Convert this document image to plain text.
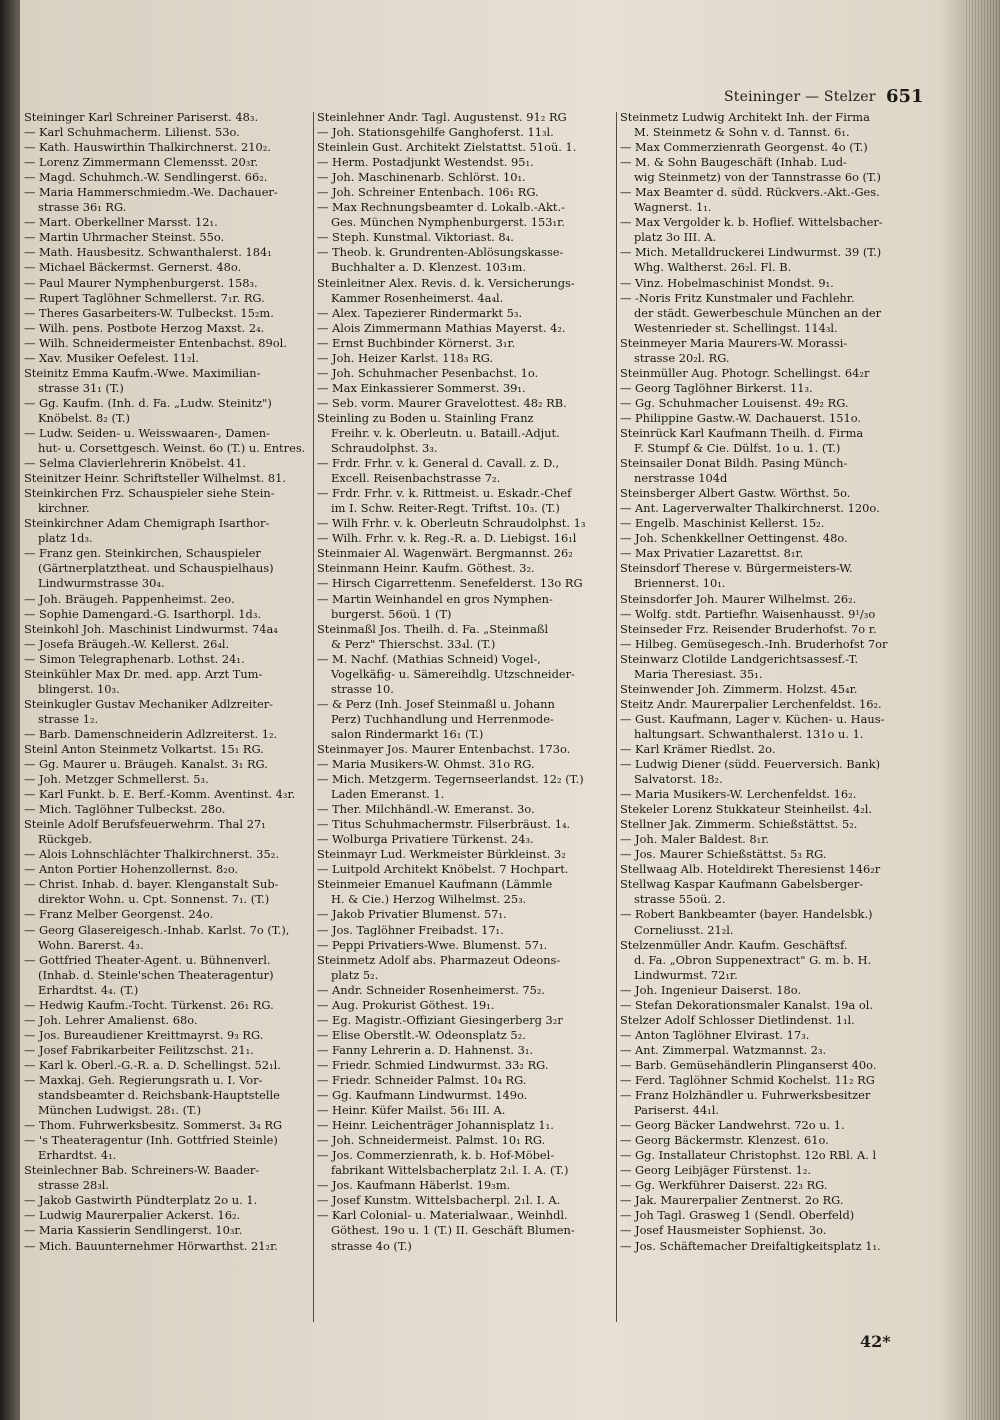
Steininger — Stelzer 651
Steininger Karl Schreiner Pariserst. 48₃.
— Karl Schuhmacherm. Lilienst. 53o.
— Kath. Hauswirthin Thalkirchnerst. 210₂.
— Lorenz Zimmermann Clemensst. 20₃r.
— Magd. Schuhmch.-W. Sendlingerst. 66₂.
— Maria Hammerschmiedm.-We. Dachauer-
strasse 36₁ RG.
— Mart. Oberkellner Marsst. 12₁.
— Martin Uhrmacher Steinst. 55o.
— Math. Hausbesitz. Schwanthalerst. 184₁
— Michael Bäckermst. Gernerst. 48o.
— Paul Maurer Nymphenburgerst. 158₃.
— Rupert Taglöhner Schmellerst. 7₁r. RG.
— Theres Gasarbeiters-W. Tulbeckst. 15₂m.
— Wilh. pens. Postbote Herzog Maxst. 2₄.
— Wilh. Schneidermeister Entenbachst. 89ol.
— Xav. Musiker Oefelest. 11₂l.
Steinitz Emma Kaufm.-Wwe. Maximilian-
strasse 31₁ (T.)
— Gg. Kaufm. (Inh. d. Fa. „Ludw. Steinitz")
Knöbelst. 8₂ (T.)
— Ludw. Seiden- u. Weisswaaren-, Damen-
hut- u. Corsettgesch. Weinst. 6o (T.) u. Entres.
— Selma Clavierlehrerin Knöbelst. 41.
Steinitzer Heinr. Schriftsteller Wilhelmst. 81.
Steinkirchen Frz. Schauspieler siehe Stein-
kirchner.
Steinkirchner Adam Chemigraph Isarthor-
platz 1d₃.
— Franz gen. Steinkirchen, Schauspieler
(Gärtnerplatztheat. und Schauspielhaus)
Lindwurmstrasse 30₄.
— Joh. Bräugeh. Pappenheimst. 2eo.
— Sophie Damengard.-G. Isarthorpl. 1d₃.
Steinkohl Joh. Maschinist Lindwurmst. 74a₄
— Josefa Bräugeh.-W. Kellerst. 26₄l.
— Simon Telegraphenarb. Lothst. 24₁.
Steinkühler Max Dr. med. app. Arzt Tum-
blingerst. 10₃.
Steinkugler Gustav Mechaniker Adlzreiter-
strasse 1₂.
— Barb. Damenschneiderin Adlzreiterst. 1₂.
Steinl Anton Steinmetz Volkartst. 15₁ RG.
— Gg. Maurer u. Bräugeh. Kanalst. 3₁ RG.
— Joh. Metzger Schmellerst. 5₃.
— Karl Funkt. b. E. Berf.-Komm. Aventinst. 4₃r.
— Mich. Taglöhner Tulbeckst. 28o.
Steinle Adolf Berufsfeuerwehrm. Thal 27₁
Rückgeb.
— Alois Lohnschlächter Thalkirchnerst. 35₂.
— Anton Portier Hohenzollernst. 8₂o.
— Christ. Inhab. d. bayer. Klenganstalt Sub-
direktor Wohn. u. Cpt. Sonnenst. 7₁. (T.)
— Franz Melber Georgenst. 24o.
— Georg Glasereigesch.-Inhab. Karlst. 7o (T.),
Wohn. Barerst. 4₃.
— Gottfried Theater-Agent. u. Bühnenverl.
(Inhab. d. Steinle'schen Theateragentur)
Erhardtst. 4₄. (T.)
— Hedwig Kaufm.-Tocht. Türkenst. 26₁ RG.
— Joh. Lehrer Amalienst. 68o.
— Jos. Bureaudiener Kreittmayrst. 9₃ RG.
— Josef Fabrikarbeiter Feilitzschst. 21₁.
— Karl k. Oberl.-G.-R. a. D. Schellingst. 52₁l.
— Maxkaj. Geh. Regierungsrath u. I. Vor-
standsbeamter d. Reichsbank-Hauptstelle
München Ludwigst. 28₁. (T.)
— Thom. Fuhrwerksbesitz. Sommerst. 3₄ RG
— 's Theateragentur (Inh. Gottfried Steinle)
Erhardtst. 4₁.
Steinlechner Bab. Schreiners-W. Baader-
strasse 28₃l.
— Jakob Gastwirth Pündterplatz 2o u. 1.
— Ludwig Maurerpalier Ackerst. 16₂.
— Maria Kassierin Sendlingerst. 10₃r.
— Mich. Bauunternehmer Hörwarthst. 21₂r.
Steinlehner Andr. Tagl. Augustenst. 91₂ RG
— Joh. Stationsgehilfe Ganghoferst. 11₃l.
Steinlein Gust. Architekt Zielstattst. 51oü. 1.
— Herm. Postadjunkt Westendst. 95₁.
— Joh. Maschinenarb. Schlörst. 10₁.
— Joh. Schreiner Entenbach. 106₁ RG.
— Max Rechnungsbeamter d. Lokalb.-Akt.-
Ges. München Nymphenburgerst. 153₁r.
— Steph. Kunstmal. Viktoriast. 8₄.
— Theob. k. Grundrenten-Ablösungskasse-
Buchhalter a. D. Klenzest. 103₁m.
Steinleitner Alex. Revis. d. k. Versicherungs-
Kammer Rosenheimerst. 4a₄l.
— Alex. Tapezierer Rindermarkt 5₃.
— Alois Zimmermann Mathias Mayerst. 4₂.
— Ernst Buchbinder Körnerst. 3₁r.
— Joh. Heizer Karlst. 118₃ RG.
— Joh. Schuhmacher Pesenbachst. 1o.
— Max Einkassierer Sommerst. 39₁.
— Seb. vorm. Maurer Gravelottest. 48₂ RB.
Steinling zu Boden u. Stainling Franz
Freihr. v. k. Oberleutn. u. Bataill.-Adjut.
Schraudolphst. 3₃.
— Frdr. Frhr. v. k. General d. Cavall. z. D.,
Excell. Reisenbachstrasse 7₂.
— Frdr. Frhr. v. k. Rittmeist. u. Eskadr.-Chef
im I. Schw. Reiter-Regt. Triftst. 10₃. (T.)
— Wilh Frhr. v. k. Oberleutn Schraudolphst. 1₃
— Wilh. Frhr. v. k. Reg.-R. a. D. Liebigst. 16₁l
Steinmaier Al. Wagenwärt. Bergmannst. 26₂
Steinmann Heinr. Kaufm. Göthest. 3₂.
— Hirsch Cigarrettenm. Senefelderst. 13o RG
— Martin Weinhandel en gros Nymphen-
burgerst. 56oü. 1 (T)
Steinmaßl Jos. Theilh. d. Fa. „Steinmaßl
& Perz" Thierschst. 33₄l. (T.)
— M. Nachf. (Mathias Schneid) Vogel-,
Vogelkäfig- u. Sämereihdlg. Utzschneider-
strasse 10.
— & Perz (Inh. Josef Steinmaßl u. Johann
Perz) Tuchhandlung und Herrenmode-
salon Rindermarkt 16₁ (T.)
Steinmayer Jos. Maurer Entenbachst. 173o.
— Maria Musikers-W. Ohmst. 31o RG.
— Mich. Metzgerm. Tegernseerlandst. 12₂ (T.)
Laden Emeranst. 1.
— Ther. Milchhändl.-W. Emeranst. 3o.
— Titus Schuhmachermstr. Filserbräust. 1₄.
— Wolburga Privatiere Türkenst. 24₃.
Steinmayr Lud. Werkmeister Bürkleinst. 3₂
— Luitpold Architekt Knöbelst. 7 Hochpart.
Steinmeier Emanuel Kaufmann (Lämmle
H. & Cie.) Herzog Wilhelmst. 25₃.
— Jakob Privatier Blumenst. 57₁.
— Jos. Taglöhner Freibadst. 17₁.
— Peppi Privatiers-Wwe. Blumenst. 57₁.
Steinmetz Adolf abs. Pharmazeut Odeons-
platz 5₂.
— Andr. Schneider Rosenheimerst. 75₂.
— Aug. Prokurist Göthest. 19₁.
— Eg. Magistr.-Offiziant Giesingerberg 3₂r
— Elise Oberstlt.-W. Odeonsplatz 5₂.
— Fanny Lehrerin a. D. Hahnenst. 3₁.
— Friedr. Schmied Lindwurmst. 33₂ RG.
— Friedr. Schneider Palmst. 10₄ RG.
— Gg. Kaufmann Lindwurmst. 149o.
— Heinr. Küfer Mailst. 56₁ III. A.
— Heinr. Leichenträger Johannisplatz 1₁.
— Joh. Schneidermeist. Palmst. 10₁ RG.
— Jos. Commerzienrath, k. b. Hof-Möbel-
fabrikant Wittelsbacherplatz 2₁l. I. A. (T.)
— Jos. Kaufmann Häberlst. 19₃m.
— Josef Kunstm. Wittelsbacherpl. 2₁l. I. A.
— Karl Colonial- u. Materialwaar., Weinhdl.
Göthest. 19o u. 1 (T.) II. Geschäft Blumen-
strasse 4o (T.)
Steinmetz Ludwig Architekt Inh. der Firma
M. Steinmetz & Sohn v. d. Tannst. 6₁.
— Max Commerzienrath Georgenst. 4o (T.)
— M. & Sohn Baugeschäft (Inhab. Lud-
wig Steinmetz) von der Tannstrasse 6o (T.)
— Max Beamter d. südd. Rückvers.-Akt.-Ges.
Wagnerst. 1₁.
— Max Vergolder k. b. Hoflief. Wittelsbacher-
platz 3o III. A.
— Mich. Metalldruckerei Lindwurmst. 39 (T.)
Whg. Waltherst. 26₂l. Fl. B.
— Vinz. Hobelmaschinist Mondst. 9₁.
— -Noris Fritz Kunstmaler und Fachlehr.
der städt. Gewerbeschule München an der
Westenrieder st. Schellingst. 114₃l.
Steinmeyer Maria Maurers-W. Morassi-
strasse 20₂l. RG.
Steinmüller Aug. Photogr. Schellingst. 64₂r
— Georg Taglöhner Birkerst. 11₃.
— Gg. Schuhmacher Louisenst. 49₂ RG.
— Philippine Gastw.-W. Dachauerst. 151o.
Steinrück Karl Kaufmann Theilh. d. Firma
F. Stumpf & Cie. Dülfst. 1o u. 1. (T.)
Steinsailer Donat Bildh. Pasing Münch-
nerstrasse 104d
Steinsberger Albert Gastw. Wörthst. 5o.
— Ant. Lagerverwalter Thalkirchnerst. 120o.
— Engelb. Maschinist Kellerst. 15₂.
— Joh. Schenkkellner Oettingenst. 48o.
— Max Privatier Lazarettst. 8₁r.
Steinsdorf Therese v. Bürgermeisters-W.
Briennerst. 10₁.
Steinsdorfer Joh. Maurer Wilhelmst. 26₂.
— Wolfg. stdt. Partiefhr. Waisenhausst. 9¹/₃o
Steinseder Frz. Reisender Bruderhofst. 7o r.
— Hilbeg. Gemüsegesch.-Inh. Bruderhofst 7or
Steinwarz Clotilde Landgerichtsassesf.-T.
Maria Theresiast. 35₁.
Steinwender Joh. Zimmerm. Holzst. 45₄r.
Steitz Andr. Maurerpalier Lerchenfeldst. 16₂.
— Gust. Kaufmann, Lager v. Küchen- u. Haus-
haltungsart. Schwanthalerst. 131o u. 1.
— Karl Krämer Riedlst. 2o.
— Ludwig Diener (südd. Feuerversich. Bank)
Salvatorst. 18₂.
— Maria Musikers-W. Lerchenfeldst. 16₂.
Stekeler Lorenz Stukkateur Steinheilst. 4₂l.
Stellner Jak. Zimmerm. Schießstättst. 5₂.
— Joh. Maler Baldest. 8₁r.
— Jos. Maurer Schießstättst. 5₃ RG.
Stellwaag Alb. Hoteldirekt Theresienst 146₂r
Stellwag Kaspar Kaufmann Gabelsberger-
strasse 55oü. 2.
— Robert Bankbeamter (bayer. Handelsbk.)
Corneliusst. 21₂l.
Stelzenmüller Andr. Kaufm. Geschäftsf.
d. Fa. „Obron Suppenextract" G. m. b. H.
Lindwurmst. 72₁r.
— Joh. Ingenieur Daiserst. 18o.
— Stefan Dekorationsmaler Kanalst. 19a ol.
Stelzer Adolf Schlosser Dietlindenst. 1₁l.
— Anton Taglöhner Elvirast. 17₃.
— Ant. Zimmerpal. Watzmannst. 2₃.
— Barb. Gemüsehändlerin Plinganserst 40o.
— Ferd. Taglöhner Schmid Kochelst. 11₂ RG
— Franz Holzhändler u. Fuhrwerksbesitzer
Pariserst. 44₁l.
— Georg Bäcker Landwehrst. 72o u. 1.
— Georg Bäckermstr. Klenzest. 61o.
— Gg. Installateur Christophst. 12o RBl. A. l
— Georg Leibjäger Fürstenst. 1₂.
— Gg. Werkführer Daiserst. 22₃ RG.
— Jak. Maurerpalier Zentnerst. 2o RG.
— Joh Tagl. Grasweg 1 (Sendl. Oberfeld)
— Josef Hausmeister Sophienst. 3o.
— Jos. Schäftemacher Dreifaltigkeitsplatz 1₁.
42*
